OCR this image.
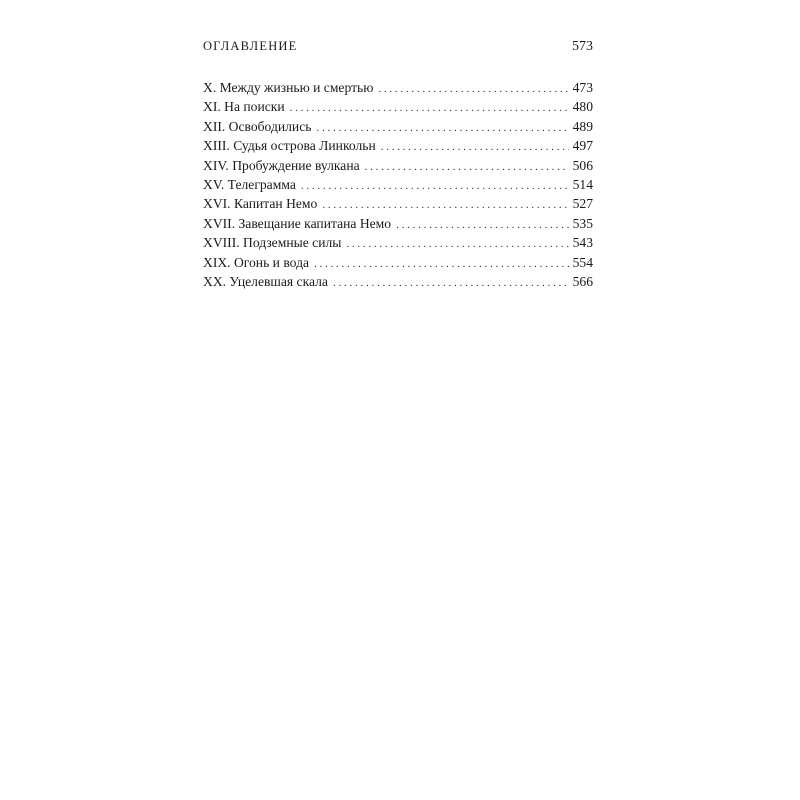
ОГЛАВЛЕНИЕ	573
X. Между жизнью и смертью . . .	473
XI. На поиски . . .	480
XII. Освободились . . .	489
XIII. Судья острова Линкольн . . .	497
XIV. Пробуждение вулкана . . .	506
XV. Телеграмма . . .	514
XVI. Капитан Немо . . .	527
XVII. Завещание капитана Немо . . .	535
XVIII. Подземные силы . . .	543
XIX. Огонь и вода . . .	554
XX. Уцелевшая скала . . .	566
